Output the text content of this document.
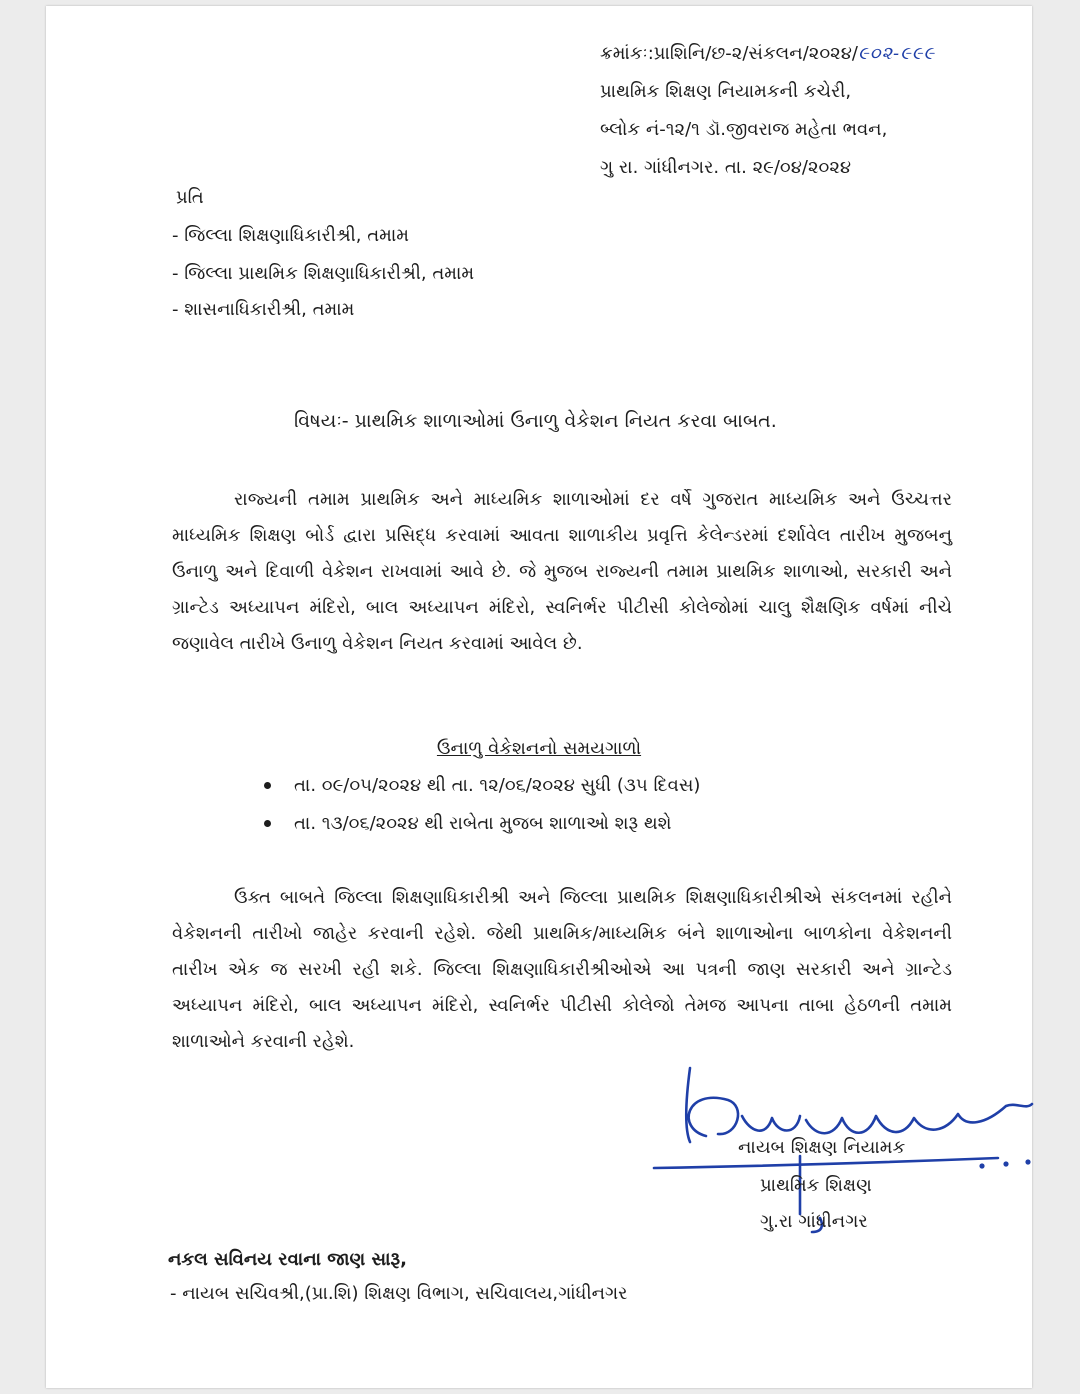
ક્રમાંકઃ:પ્રાશિનિ/છ-૨/સંકલન/૨૦૨૪/૯૦૨-૯૯૯
પ્રાથમિક શિક્ષણ નિયામકની કચેરી,
બ્લોક નં-૧૨/૧ ડૉ.જીવરાજ મહેતા ભવન,
ગુ રા. ગાંધીનગર. તા. ૨૯/૦૪/૨૦૨૪
પ્રતિ
- જિલ્લા શિક્ષણાધિકારીશ્રી, તમામ
- જિલ્લા પ્રાથમિક શિક્ષણાધિકારીશ્રી, તમામ
- શાસનાધિકારીશ્રી, તમામ
વિષયઃ- પ્રાથમિક શાળાઓમાં ઉનાળુ વેકેશન નિયત કરવા બાબત.
રાજ્યની તમામ પ્રાથમિક અને માધ્યમિક શાળાઓમાં દર વર્ષે ગુજરાત માધ્યમિક અને ઉચ્ચત્તર માધ્યમિક શિક્ષણ બોર્ડ દ્વારા પ્રસિદ્ધ કરવામાં આવતા શાળાકીય પ્રવૃત્તિ કેલેન્ડરમાં દર્શાવેલ તારીખ મુજબનુ ઉનાળુ અને દિવાળી વેકેશન રાખવામાં આવે છે. જે મુજબ રાજ્યની તમામ પ્રાથમિક શાળાઓ, સરકારી અને ગ્રાન્ટેડ અધ્યાપન મંદિરો, બાલ અધ્યાપન મંદિરો, સ્વનિર્ભર પીટીસી કોલેજોમાં ચાલુ શૈક્ષણિક વર્ષમાં નીચે જણાવેલ તારીખે ઉનાળુ વેકેશન નિયત કરવામાં આવેલ છે.
ઉનાળુ વેકેશનનો સમયગાળો
તા. ૦૯/૦૫/૨૦૨૪ થી તા. ૧૨/૦૬/૨૦૨૪ સુધી (૩૫ દિવસ)
તા. ૧૩/૦૬/૨૦૨૪ થી રાબેતા મુજબ શાળાઓ શરૂ થશે
ઉક્ત બાબતે જિલ્લા શિક્ષણાધિકારીશ્રી અને જિલ્લા પ્રાથમિક શિક્ષણાધિકારીશ્રીએ સંકલનમાં રહીને વેકેશનની તારીખો જાહેર કરવાની રહેશે. જેથી પ્રાથમિક/માધ્યમિક બંને શાળાઓના બાળકોના વેકેશનની તારીખ એક જ સરખી રહી શકે. જિલ્લા શિક્ષણાધિકારીશ્રીઓએ આ પત્રની જાણ સરકારી અને ગ્રાન્ટેડ અધ્યાપન મંદિરો, બાલ અધ્યાપન મંદિરો, સ્વનિર્ભર પીટીસી કોલેજો તેમજ આપના તાબા હેઠળની તમામ શાળાઓને કરવાની રહેશે.
નાયબ શિક્ષણ નિયામક
પ્રાથમિક શિક્ષણ
ગુ.રા ગાંધીનગર
નકલ સવિનય રવાના જાણ સારૂ,
- નાયબ સચિવશ્રી,(પ્રા.શિ) શિક્ષણ વિભાગ, સચિવાલય,ગાંધીનગર
